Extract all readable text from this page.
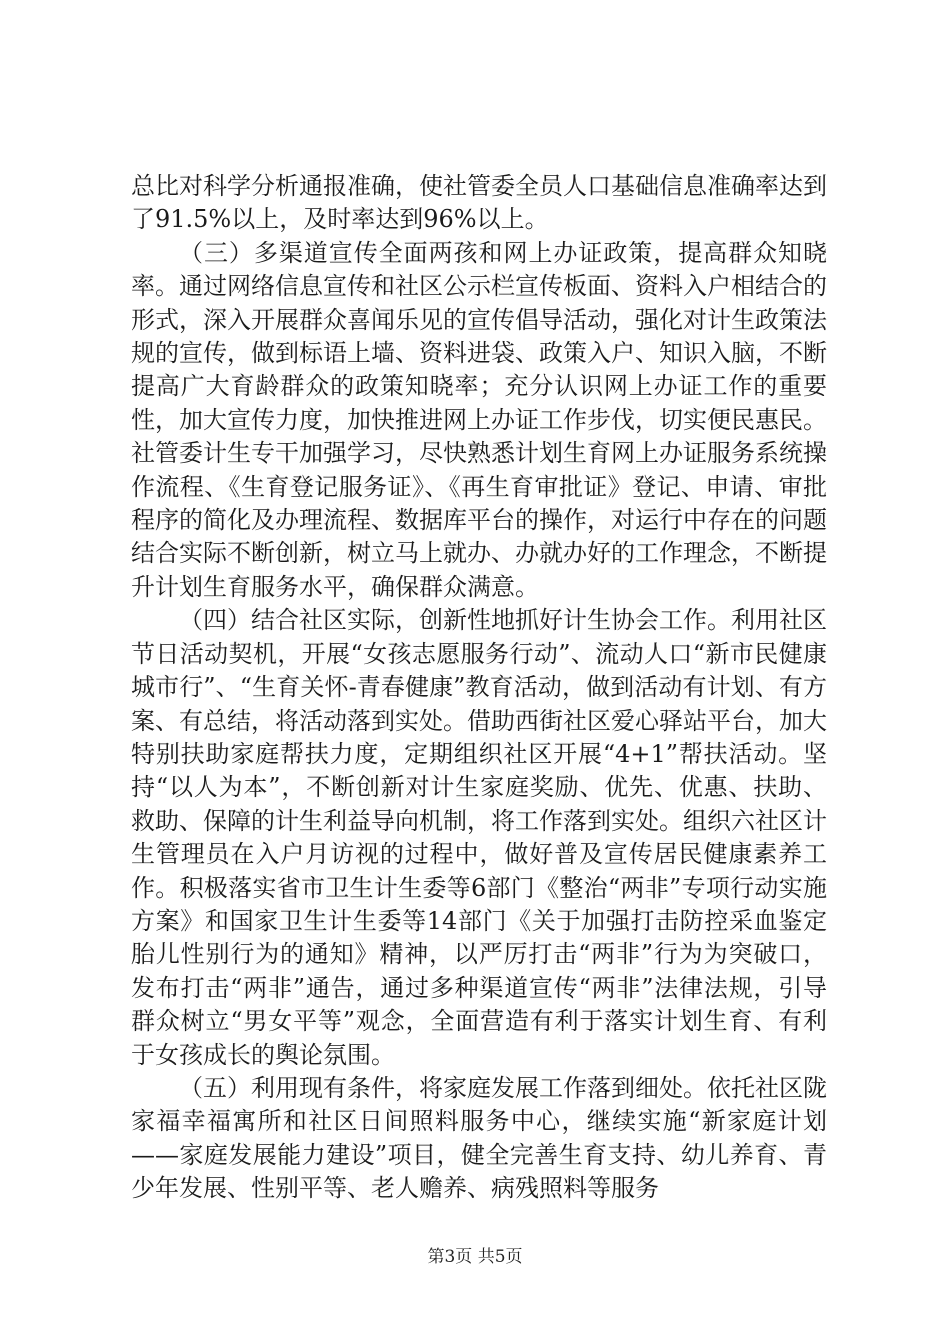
总比对科学分析通报准确，使社管委全员人口基础信息准确率达到了91.5%以上，及时率达到96%以上。

（三）多渠道宣传全面两孩和网上办证政策，提高群众知晓率。通过网络信息宣传和社区公示栏宣传板面、资料入户相结合的形式，深入开展群众喜闻乐见的宣传倡导活动，强化对计生政策法规的宣传，做到标语上墙、资料进袋、政策入户、知识入脑，不断提高广大育龄群众的政策知晓率；充分认识网上办证工作的重要性，加大宣传力度，加快推进网上办证工作步伐，切实便民惠民。社管委计生专干加强学习，尽快熟悉计划生育网上办证服务系统操作流程、《生育登记服务证》、《再生育审批证》登记、申请、审批程序的简化及办理流程、数据库平台的操作，对运行中存在的问题结合实际不断创新，树立马上就办、办就办好的工作理念，不断提升计划生育服务水平，确保群众满意。

（四）结合社区实际，创新性地抓好计生协会工作。利用社区节日活动契机，开展“女孩志愿服务行动”、流动人口“新市民健康城市行”、“生育关怀-青春健康”教育活动，做到活动有计划、有方案、有总结，将活动落到实处。借助西街社区爱心驿站平台，加大特别扶助家庭帮扶力度，定期组织社区开展“4+1”帮扶活动。坚持“以人为本”，不断创新对计生家庭奖励、优先、优惠、扶助、救助、保障的计生利益导向机制，将工作落到实处。组织六社区计生管理员在入户月访视的过程中，做好普及宣传居民健康素养工作。积极落实省市卫生计生委等6部门《整治“两非”专项行动实施方案》和国家卫生计生委等14部门《关于加强打击防控采血鉴定胎儿性别行为的通知》精神，以严厉打击“两非”行为为突破口，发布打击“两非”通告，通过多种渠道宣传“两非”法律法规，引导群众树立“男女平等”观念，全面营造有利于落实计划生育、有利于女孩成长的舆论氛围。

（五）利用现有条件，将家庭发展工作落到细处。依托社区陇家福幸福寓所和社区日间照料服务中心，继续实施“新家庭计划——家庭发展能力建设”项目，健全完善生育支持、幼儿养育、青少年发展、性别平等、老人赡养、病残照料等服务

第3页 共5页
